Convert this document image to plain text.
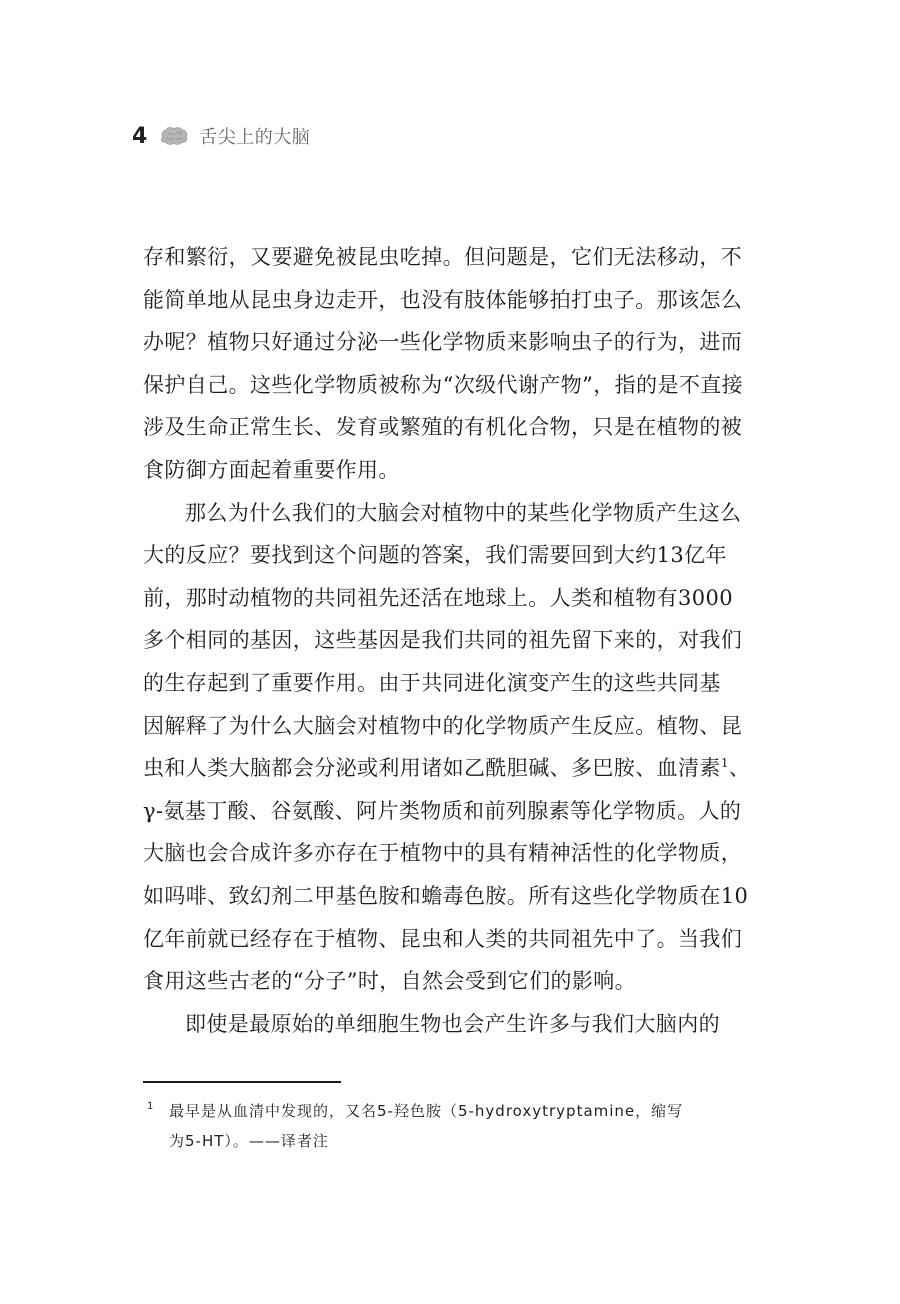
4	舌尖上的大脑

存和繁衍，又要避免被昆虫吃掉。但问题是，它们无法移动，不
能简单地从昆虫身边走开，也没有肢体能够拍打虫子。那该怎么
办呢？植物只好通过分泌一些化学物质来影响虫子的行为，进而
保护自己。这些化学物质被称为“次级代谢产物”，指的是不直接
涉及生命正常生长、发育或繁殖的有机化合物，只是在植物的被
食防御方面起着重要作用。

那么为什么我们的大脑会对植物中的某些化学物质产生这么
大的反应？要找到这个问题的答案，我们需要回到大约13亿年
前，那时动植物的共同祖先还活在地球上。人类和植物有3000
多个相同的基因，这些基因是我们共同的祖先留下来的，对我们
的生存起到了重要作用。由于共同进化演变产生的这些共同基
因解释了为什么大脑会对植物中的化学物质产生反应。植物、昆
虫和人类大脑都会分泌或利用诸如乙酰胆碱、多巴胺、血清素$^1$、
γ-氨基丁酸、谷氨酸、阿片类物质和前列腺素等化学物质。人的
大脑也会合成许多亦存在于植物中的具有精神活性的化学物质，
如吗啡、致幻剂二甲基色胺和蟾毒色胺。所有这些化学物质在10
亿年前就已经存在于植物、昆虫和人类的共同祖先中了。当我们
食用这些古老的“分子”时，自然会受到它们的影响。

即使是最原始的单细胞生物也会产生许多与我们大脑内的

1	最早是从血清中发现的，又名5-羟色胺（5-hydroxytryptamine，缩写
为5-HT）。——译者注
